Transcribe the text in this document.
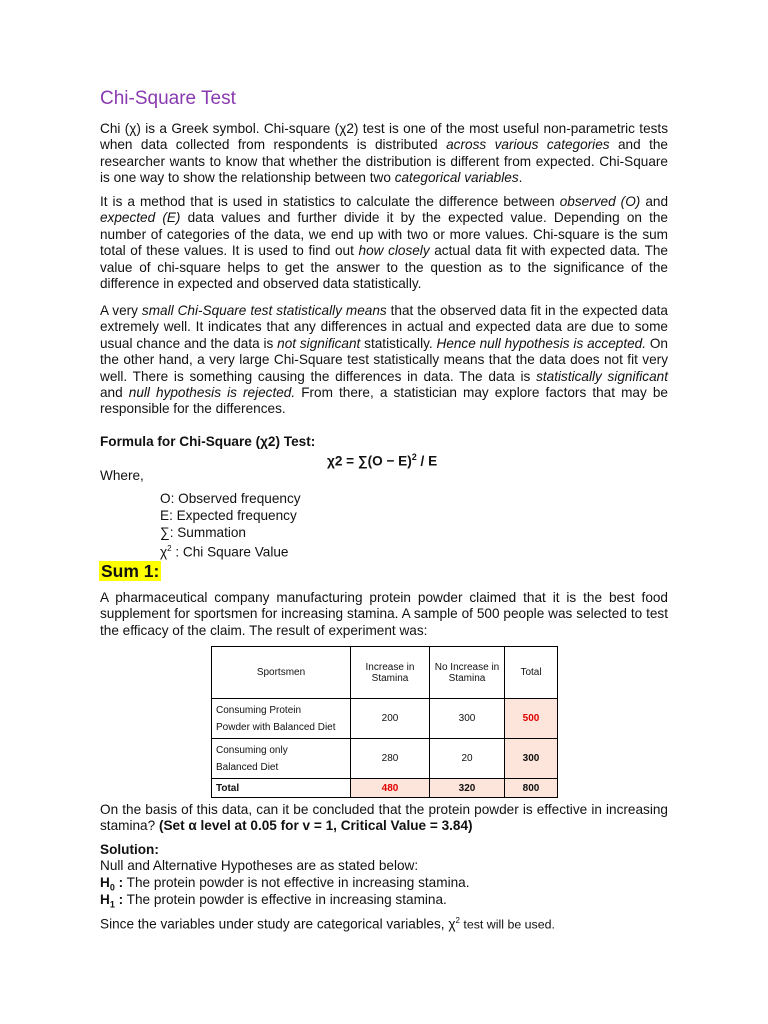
Chi-Square Test

Chi (χ) is a Greek symbol. Chi-square (χ2) test is one of the most useful non-parametric tests when data collected from respondents is distributed across various categories and the researcher wants to know that whether the distribution is different from expected. Chi-Square is one way to show the relationship between two categorical variables.

It is a method that is used in statistics to calculate the difference between observed (O) and expected (E) data values and further divide it by the expected value. Depending on the number of categories of the data, we end up with two or more values. Chi-square is the sum total of these values. It is used to find out how closely actual data fit with expected data. The value of chi-square helps to get the answer to the question as to the significance of the difference in expected and observed data statistically.

A very small Chi-Square test statistically means that the observed data fit in the expected data extremely well. It indicates that any differences in actual and expected data are due to some usual chance and the data is not significant statistically. Hence null hypothesis is accepted. On the other hand, a very large Chi-Square test statistically means that the data does not fit very well. There is something causing the differences in data. The data is statistically significant and null hypothesis is rejected. From there, a statistician may explore factors that may be responsible for the differences.

Formula for Chi-Square (χ2) Test:
$\chi 2 = \sum(O - E)^2 / E$
Where,
O: Observed frequency
E: Expected frequency
∑: Summation
$\chi^2$ : Chi Square Value
Sum 1:

A pharmaceutical company manufacturing protein powder claimed that it is the best food supplement for sportsmen for increasing stamina. A sample of 500 people was selected to test the efficacy of the claim. The result of experiment was:

Sportsmen	Increase in Stamina	No Increase in Stamina	Total

Consuming Protein
Powder with Balanced Diet	200	300	500

Consuming only
Balanced Diet	280	20	300
Total	480	320	800

On the basis of this data, can it be concluded that the protein powder is effective in increasing stamina? (Set α level at 0.05 for v = 1, Critical Value = 3.84)

Solution:
Null and Alternative Hypotheses are as stated below:
$H_0$ : The protein powder is not effective in increasing stamina.
$H_1$ : The protein powder is effective in increasing stamina.
Since the variables under study are categorical variables, $\chi^2$ test will be used.
